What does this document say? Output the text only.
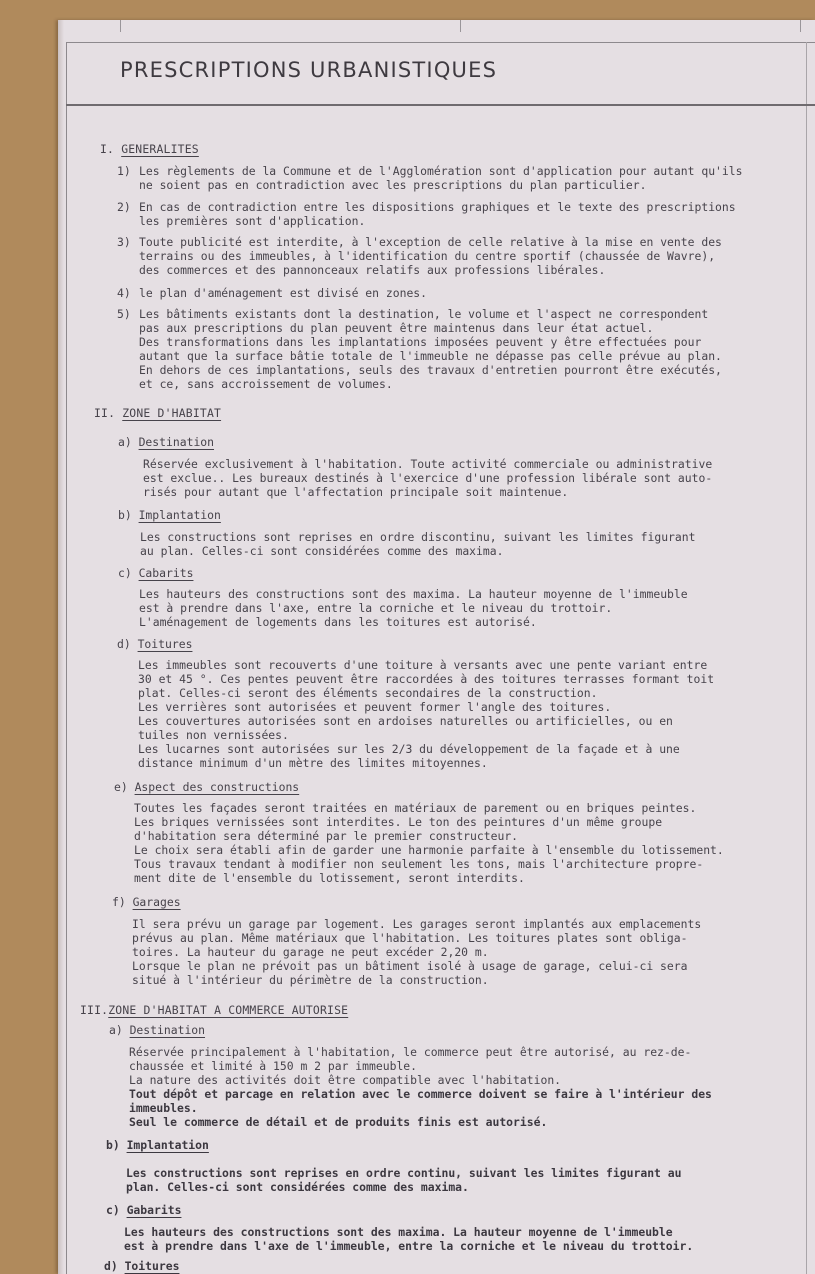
PRESCRIPTIONS URBANISTIQUES
I. GENERALITES
1) Les règlements de la Commune et de l'Agglomération sont d'application pour autant qu'ils
ne soient pas en contradiction avec les prescriptions du plan particulier.
2) En cas de contradiction entre les dispositions graphiques et le texte des prescriptions
les premières sont d'application.
3) Toute publicité est interdite, à l'exception de celle relative à la mise en vente des
terrains ou des immeubles, à l'identification du centre sportif (chaussée de Wavre),
des commerces et des pannonceaux relatifs aux professions libérales.
4) le plan d'aménagement est divisé en zones.
5) Les bâtiments existants dont la destination, le volume et l'aspect ne correspondent
pas aux prescriptions du plan peuvent être maintenus dans leur état actuel.
Des transformations dans les implantations imposées peuvent y être effectuées pour
autant que la surface bâtie totale de l'immeuble ne dépasse pas celle prévue au plan.
En dehors de ces implantations, seuls des travaux d'entretien pourront être exécutés,
et ce, sans accroissement de volumes.
II. ZONE D'HABITAT
a) Destination
Réservée exclusivement à l'habitation. Toute activité commerciale ou administrative
est exclue.. Les bureaux destinés à l'exercice d'une profession libérale sont auto-
risés pour autant que l'affectation principale soit maintenue.
b) Implantation
Les constructions sont reprises en ordre discontinu, suivant les limites figurant
au plan. Celles-ci sont considérées comme des maxima.
c) Cabarits
Les hauteurs des constructions sont des maxima. La hauteur moyenne de l'immeuble
est à prendre dans l'axe, entre la corniche et le niveau du trottoir.
L'aménagement de logements dans les toitures est autorisé.
d) Toitures
Les immeubles sont recouverts d'une toiture à versants avec une pente variant entre
30 et 45 °. Ces pentes peuvent être raccordées à des toitures terrasses formant toit
plat. Celles-ci seront des éléments secondaires de la construction.
Les verrières sont autorisées et peuvent former l'angle des toitures.
Les couvertures autorisées sont en ardoises naturelles ou artificielles, ou en
tuiles non vernissées.
Les lucarnes sont autorisées sur les 2/3 du développement de la façade et à une
distance minimum d'un mètre des limites mitoyennes.
e) Aspect des constructions
Toutes les façades seront traitées en matériaux de parement ou en briques peintes.
Les briques vernissées sont interdites. Le ton des peintures d'un même groupe
d'habitation sera déterminé par le premier constructeur.
Le choix sera établi afin de garder une harmonie parfaite à l'ensemble du lotissement.
Tous travaux tendant à modifier non seulement les tons, mais l'architecture propre-
ment dite de l'ensemble du lotissement, seront interdits.
f) Garages
Il sera prévu un garage par logement. Les garages seront implantés aux emplacements
prévus au plan. Même matériaux que l'habitation. Les toitures plates sont obliga-
toires. La hauteur du garage ne peut excéder 2,20 m.
Lorsque le plan ne prévoit pas un bâtiment isolé à usage de garage, celui-ci sera
situé à l'intérieur du périmètre de la construction.
III.ZONE D'HABITAT A COMMERCE AUTORISE
a) Destination
Réservée principalement à l'habitation, le commerce peut être autorisé, au rez-de-
chaussée et limité à 150 m 2 par immeuble.
La nature des activités doit être compatible avec l'habitation.
Tout dépôt et parcage en relation avec le commerce doivent se faire à l'intérieur des
immeubles.
Seul le commerce de détail et de produits finis est autorisé.
b) Implantation
Les constructions sont reprises en ordre continu, suivant les limites figurant au
plan. Celles-ci sont considérées comme des maxima.
c) Gabarits
Les hauteurs des constructions sont des maxima. La hauteur moyenne de l'immeuble
est à prendre dans l'axe de l'immeuble, entre la corniche et le niveau du trottoir.
d) Toitures
